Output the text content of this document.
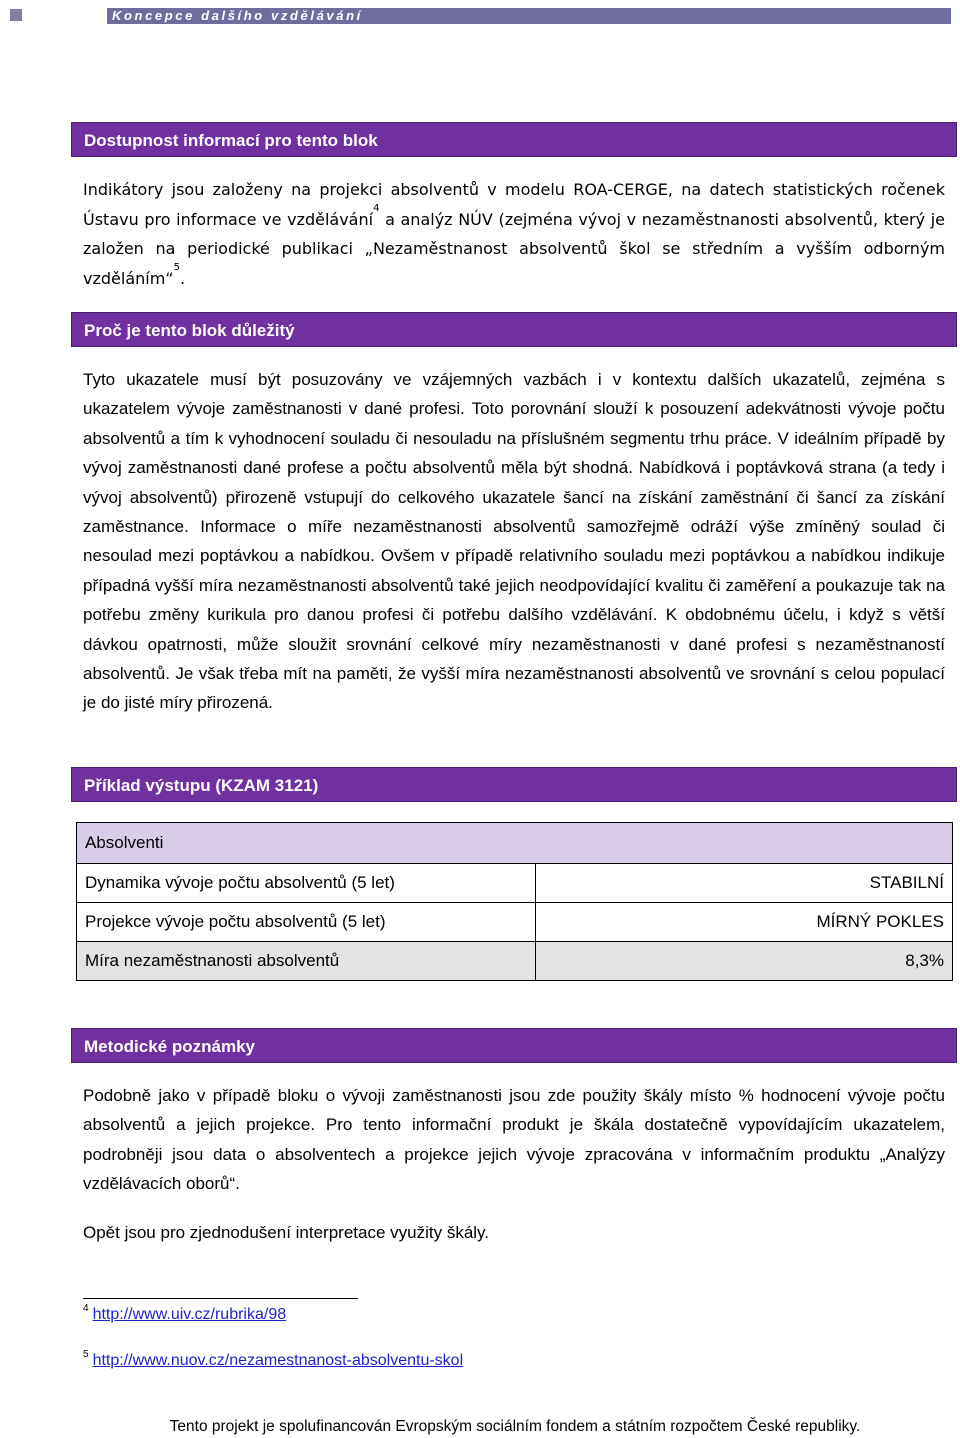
Koncepce dalšího vzdělávání
Dostupnost informací pro tento blok

Indikátory jsou založeny na projekci absolventů v modelu ROA-CERGE, na datech statistických ročenek Ústavu pro informace ve vzdělávání$^4$ a analýz NÚV (zejména vývoj v nezaměstnanosti absolventů, který je založen na periodické publikaci „Nezaměstnanost absolventů škol se středním a vyšším odborným vzděláním“$^5$.

Proč je tento blok důležitý

Tyto ukazatele musí být posuzovány ve vzájemných vazbách i v kontextu dalších ukazatelů, zejména s ukazatelem vývoje zaměstnanosti v dané profesi. Toto porovnání slouží k posouzení adekvátnosti vývoje počtu absolventů a tím k vyhodnocení souladu či nesouladu na příslušném segmentu trhu práce. V ideálním případě by vývoj zaměstnanosti dané profese a počtu absolventů měla být shodná. Nabídková i poptávková strana (a tedy i vývoj absolventů) přirozeně vstupují do celkového ukazatele šancí na získání zaměstnání či šancí za získání zaměstnance. Informace o míře nezaměstnanosti absolventů samozřejmě odráží výše zmíněný soulad či nesoulad mezi poptávkou a nabídkou. Ovšem v případě relativního souladu mezi poptávkou a nabídkou indikuje případná vyšší míra nezaměstnanosti absolventů také jejich neodpovídající kvalitu či zaměření a poukazuje tak na potřebu změny kurikula pro danou profesi či potřebu dalšího vzdělávání. K obdobnému účelu, i když s větší dávkou opatrnosti, může sloužit srovnání celkové míry nezaměstnanosti v dané profesi s nezaměstnaností absolventů. Je však třeba mít na paměti, že vyšší míra nezaměstnanosti absolventů ve srovnání s celou populací je do jisté míry přirozená.

Příklad výstupu (KZAM 3121)
Absolventi	
Dynamika vývoje počtu absolventů (5 let)	STABILNÍ
Projekce vývoje počtu absolventů (5 let)	MÍRNÝ POKLES
Míra nezaměstnanosti absolventů	8,3%
Metodické poznámky

Podobně jako v případě bloku o vývoji zaměstnanosti jsou zde použity škály místo % hodnocení vývoje počtu absolventů a jejich projekce. Pro tento informační produkt je škála dostatečně vypovídajícím ukazatelem, podrobněji jsou data o absolventech a projekce jejich vývoje zpracována v informačním produktu „Analýzy vzdělávacích oborů“.

Opět jsou pro zjednodušení interpretace využity škály.

$^4$ http://www.uiv.cz/rubrika/98
$^5$ http://www.nuov.cz/nezamestnanost-absolventu-skol
Tento projekt je spolufinancován Evropským sociálním fondem a státním rozpočtem České republiky.
